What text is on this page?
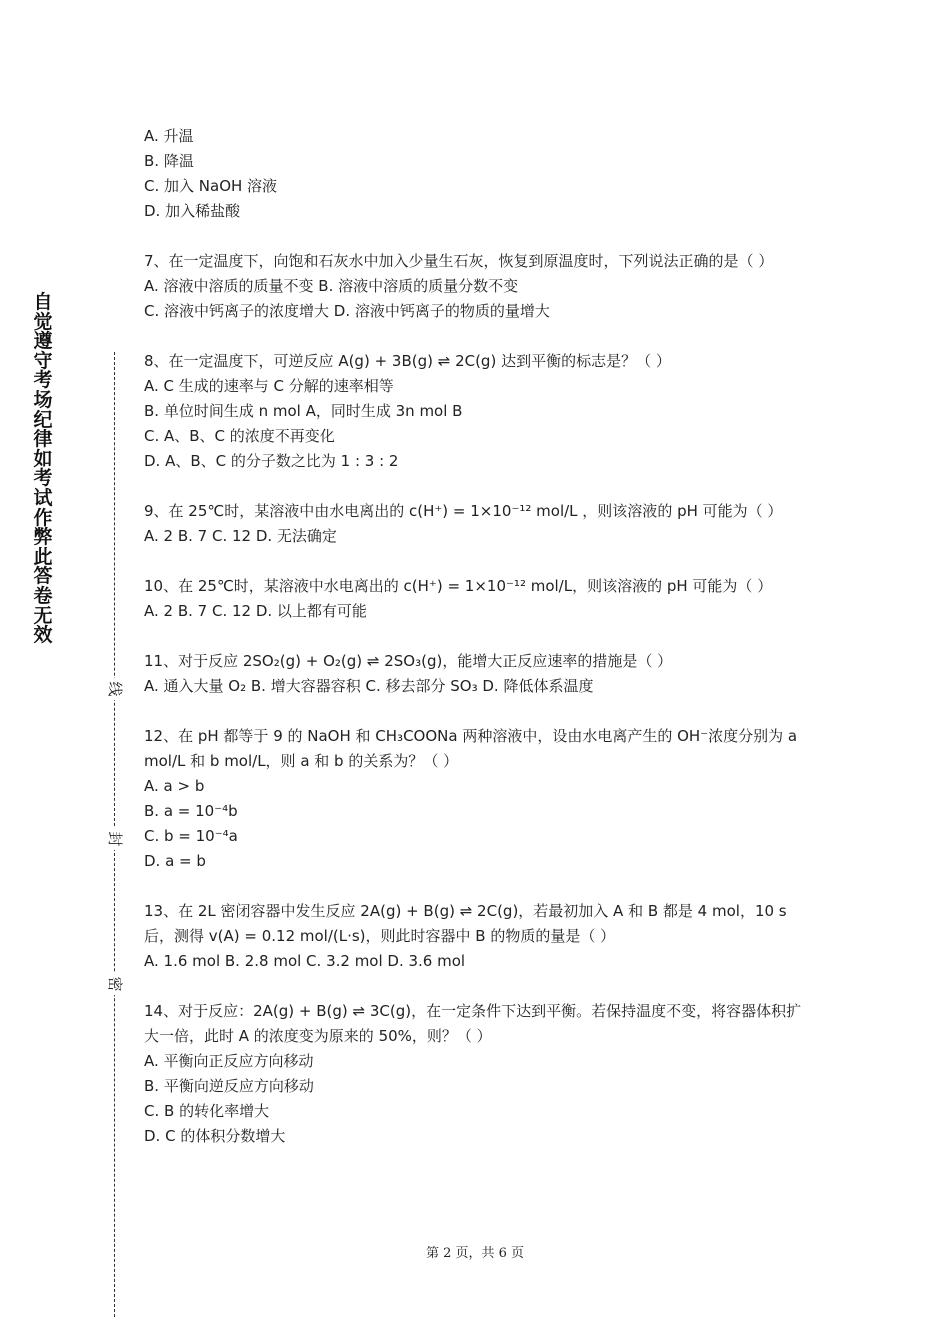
自觉遵守考场纪律如考试作弊此答卷无效
线
封
密
A. 升温
B. 降温
C. 加入 NaOH 溶液
D. 加入稀盐酸
7、在一定温度下，向饱和石灰水中加入少量生石灰，恢复到原温度时，下列说法正确的是（ ）
A. 溶液中溶质的质量不变 B. 溶液中溶质的质量分数不变
C. 溶液中钙离子的浓度增大 D. 溶液中钙离子的物质的量增大
8、在一定温度下，可逆反应 A(g) + 3B(g) ⇌ 2C(g) 达到平衡的标志是？（ ）
A. C 生成的速率与 C 分解的速率相等
B. 单位时间生成 n mol A，同时生成 3n mol B
C. A、B、C 的浓度不再变化
D. A、B、C 的分子数之比为 1 : 3 : 2
9、在 25℃时，某溶液中由水电离出的 c(H⁺) = 1×10⁻¹² mol/L ，则该溶液的 pH 可能为（ ）
A. 2 B. 7 C. 12 D. 无法确定
10、在 25℃时，某溶液中水电离出的 c(H⁺) = 1×10⁻¹² mol/L，则该溶液的 pH 可能为（ ）
A. 2 B. 7 C. 12 D. 以上都有可能
11、对于反应 2SO₂(g) + O₂(g) ⇌ 2SO₃(g)，能增大正反应速率的措施是（ ）
A. 通入大量 O₂ B. 增大容器容积 C. 移去部分 SO₃ D. 降低体系温度
12、在 pH 都等于 9 的 NaOH 和 CH₃COONa 两种溶液中，设由水电离产生的 OH⁻浓度分别为 a mol/L 和 b mol/L，则 a 和 b 的关系为？（ ）
A. a > b
B. a = 10⁻⁴b
C. b = 10⁻⁴a
D. a = b
13、在 2L 密闭容器中发生反应 2A(g) + B(g) ⇌ 2C(g)，若最初加入 A 和 B 都是 4 mol，10 s 后，测得 v(A) = 0.12 mol/(L·s)，则此时容器中 B 的物质的量是（ ）
A. 1.6 mol B. 2.8 mol C. 3.2 mol D. 3.6 mol
14、对于反应：2A(g) + B(g) ⇌ 3C(g)，在一定条件下达到平衡。若保持温度不变，将容器体积扩大一倍，此时 A 的浓度变为原来的 50%，则？（ ）
A. 平衡向正反应方向移动
B. 平衡向逆反应方向移动
C. B 的转化率增大
D. C 的体积分数增大
第 2 页，共 6 页
